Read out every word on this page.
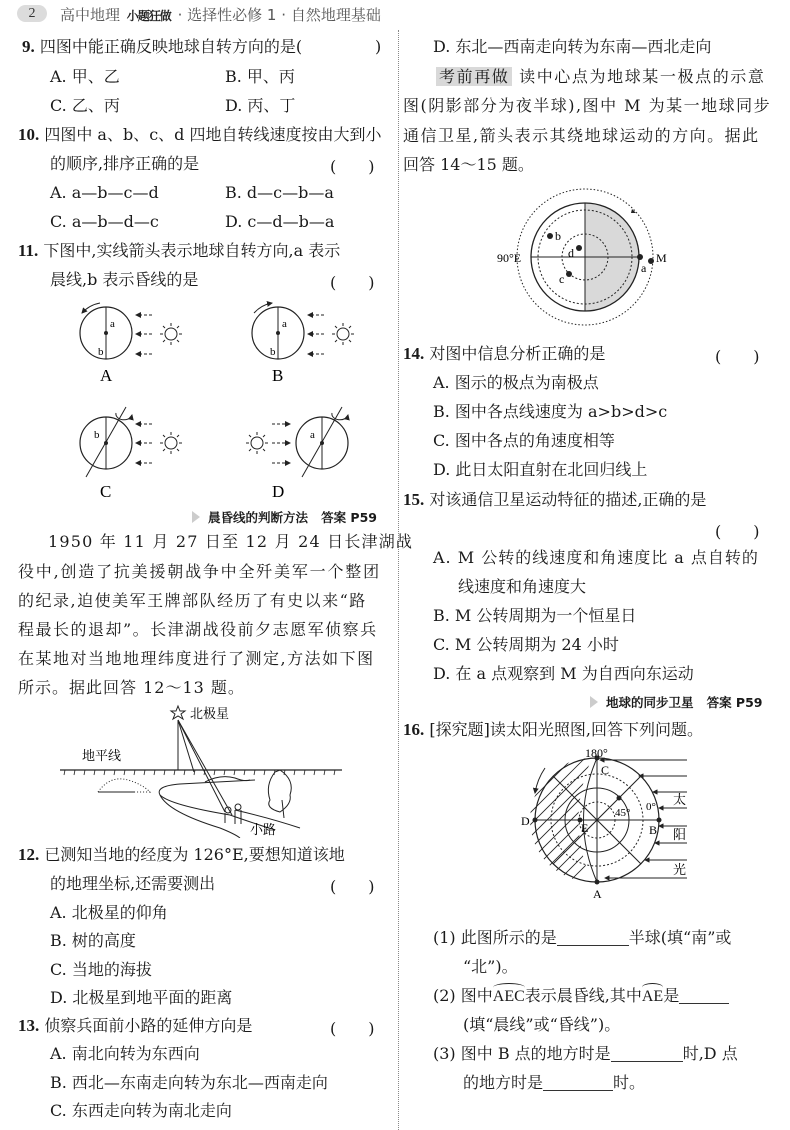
2	高中地理 小题狂做 · 选择性必修 1 · 自然地理基础
9. 四图中能正确反映地球自转方向的是(	)
A. 甲、乙	B. 甲、丙
C. 乙、丙	D. 丙、丁
10. 四图中 a、b、c、d 四地自转线速度按由大到小
的顺序,排序正确的是	(　　)
A. a—b—c—d	B. d—c—b—a
C. a—b—d—c	D. c—d—b—a
11. 下图中,实线箭头表示地球自转方向,a 表示
晨线,b 表示昏线的是	(　　)
a
b
A
a
b
B
b
C
a
D
晨昏线的判断方法 答案 P59
1950 年 11 月 27 日至 12 月 24 日长津湖战
役中,创造了抗美援朝战争中全歼美军一个整团
的纪录,迫使美军王牌部队经历了有史以来“路
程最长的退却”。长津湖战役前夕志愿军侦察兵
在某地对当地地理纬度进行了测定,方法如下图
所示。据此回答 12～13 题。
北极星
地平线
小路
12. 已测知当地的经度为 126°E,要想知道该地
的地理坐标,还需要测出	(　　)
A. 北极星的仰角
B. 树的高度
C. 当地的海拔
D. 北极星到地平面的距离
13. 侦察兵面前小路的延伸方向是	(　　)
A. 南北向转为东西向
B. 西北—东南走向转为东北—西南走向
C. 东西走向转为南北走向
D. 东北—西南走向转为东南—西北走向
考前再做 读中心点为地球某一极点的示意
图(阴影部分为夜半球),图中 M 为某一地球同步
通信卫星,箭头表示其绕地球运动的方向。据此
回答 14～15 题。
90°E
a
b
c
d	M
14. 对图中信息分析正确的是	(　　)
A. 图示的极点为南极点
B. 图中各点线速度为 a>b>d>c
C. 图中各点的角速度相等
D. 此日太阳直射在北回归线上
15. 对该通信卫星运动特征的描述,正确的是
(　　)
A. M 公转的线速度和角速度比 a 点自转的
线速度和角速度大
B. M 公转周期为一个恒星日
C. M 公转周期为 24 小时
D. 在 a 点观察到 M 为自西向东运动
地球的同步卫星 答案 P59
16. [探究题]读太阳光照图,回答下列问题。
180°
C
0°
45°
D	E	B
A
太
阳
光
(1) 此图所示的是	半球(填“南”或
“北”)。
(2) 图中
AEC表示晨昏线,其中
AE是
(填“晨线”或“昏线”)。
(3) 图中 B 点的地方时是	时,D 点
的地方时是	时。
